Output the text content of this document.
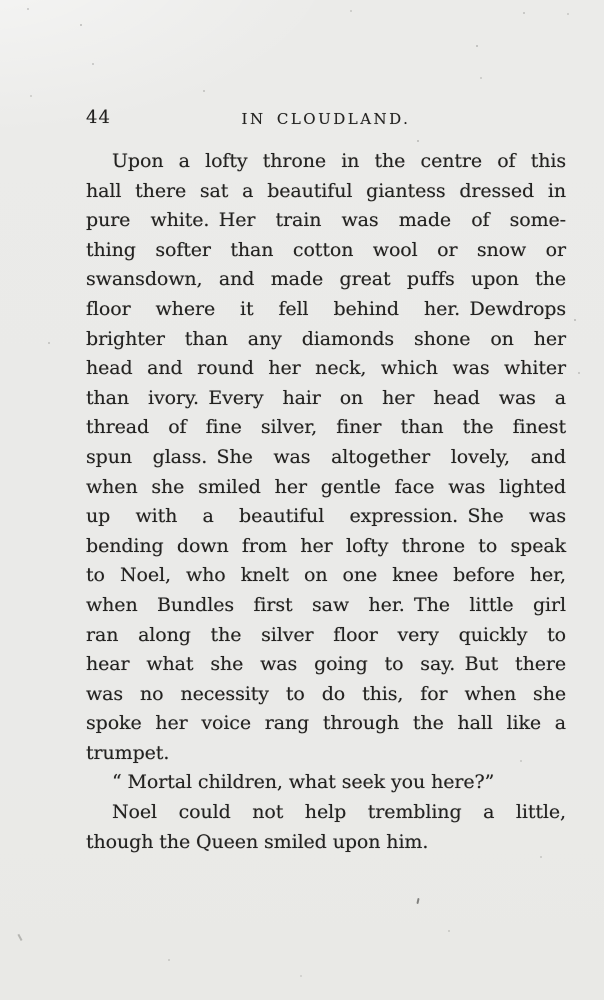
44	IN CLOUDLAND.
Upon a lofty throne in the centre of this
hall there sat a beautiful giantess dressed in
pure white. Her train was made of some-
thing softer than cotton wool or snow or
swansdown, and made great puffs upon the
floor where it fell behind her. Dewdrops
brighter than any diamonds shone on her
head and round her neck, which was whiter
than ivory. Every hair on her head was a
thread of fine silver, finer than the finest
spun glass. She was altogether lovely, and
when she smiled her gentle face was lighted
up with a beautiful expression. She was
bending down from her lofty throne to speak
to Noel, who knelt on one knee before her,
when Bundles first saw her. The little girl
ran along the silver floor very quickly to
hear what she was going to say. But there
was no necessity to do this, for when she
spoke her voice rang through the hall like a
trumpet.
“ Mortal children, what seek you here?”
Noel could not help trembling a little,
though the Queen smiled upon him.
